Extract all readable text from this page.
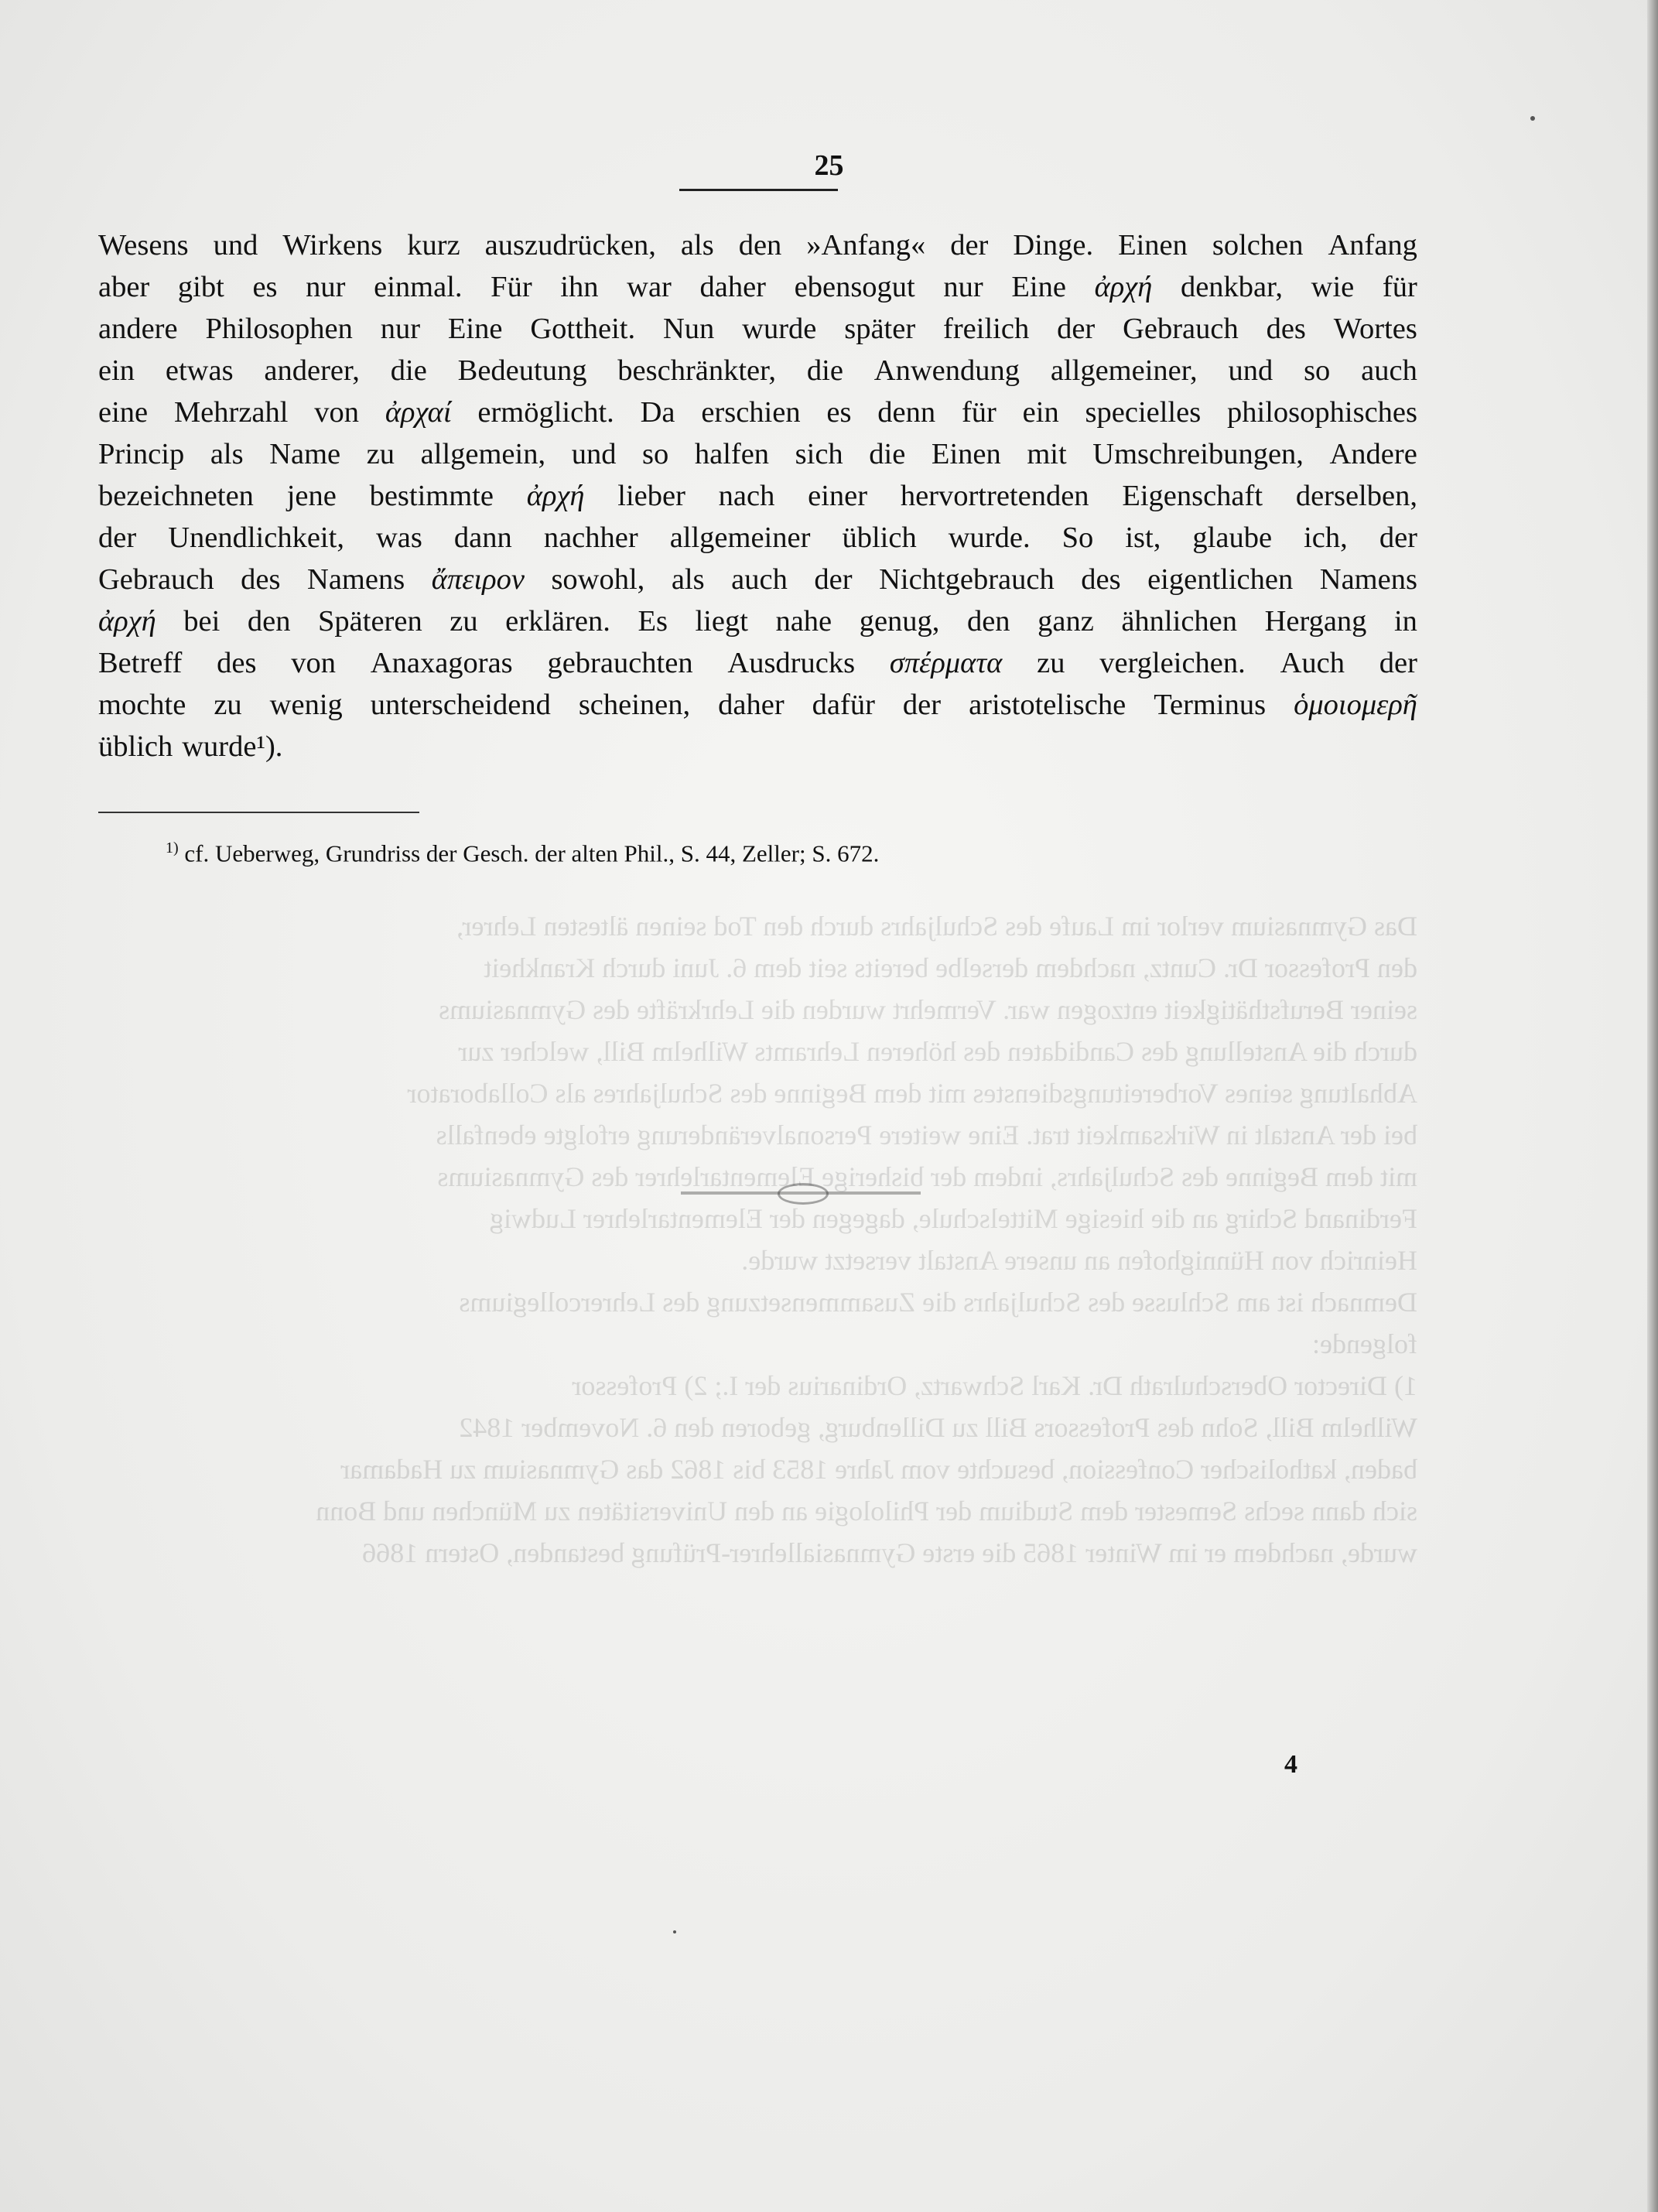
Das Gymnasium verlor im Laufe des Schuljahrs durch den Tod seinen ältesten Lehrer,
den Professor Dr. Cuntz, nachdem derselbe bereits seit dem 6. Juni durch Krankheit
seiner Berufsthätigkeit entzogen war. Vermehrt wurden die Lehrkräfte des Gymnasiums
durch die Anstellung des Candidaten des höheren Lehramts Wilhelm Bill, welcher zur
Abhaltung seines Vorbereitungsdienstes mit dem Beginne des Schuljahres als Collaborator
bei der Anstalt in Wirksamkeit trat. Eine weitere Personalveränderung erfolgte ebenfalls
mit dem Beginne des Schuljahrs, indem der bisherige Elementarlehrer des Gymnasiums
Ferdinand Schirg an die hiesige Mittelschule, dagegen der Elementarlehrer Ludwig
Heinrich von Hünnighofen an unsere Anstalt versetzt wurde.
Demnach ist am Schlusse des Schuljahrs die Zusammensetzung des Lehrercollegiums
folgende:
1) Director Oberschulrath Dr. Karl Schwartz, Ordinarius der I.; 2) Professor
Wilhelm Bill, Sohn des Professors Bill zu Dillenburg, geboren den 6. November 1842
baden, katholischer Confession, besuchte vom Jahre 1853 bis 1862 das Gymnasium zu Hadamar
sich dann sechs Semester dem Studium der Philologie an den Universitäten zu München und Bonn
wurde, nachdem er im Winter 1865 die erste Gymnasiallehrer-Prüfung bestanden, Ostern 1866
25
Wesens und Wirkens kurz auszudrücken, als den »Anfang« der Dinge. Einen solchen Anfang
aber gibt es nur einmal. Für ihn war daher ebensogut nur Eine ἀρχή denkbar, wie für
andere Philosophen nur Eine Gottheit. Nun wurde später freilich der Gebrauch des Wortes
ein etwas anderer, die Bedeutung beschränkter, die Anwendung allgemeiner, und so auch
eine Mehrzahl von ἀρχαί ermöglicht. Da erschien es denn für ein specielles philosophisches
Princip als Name zu allgemein, und so halfen sich die Einen mit Umschreibungen, Andere
bezeichneten jene bestimmte ἀρχή lieber nach einer hervortretenden Eigenschaft derselben,
der Unendlichkeit, was dann nachher allgemeiner üblich wurde. So ist, glaube ich, der
Gebrauch des Namens ἄπειρον sowohl, als auch der Nichtgebrauch des eigentlichen Namens
ἀρχή bei den Späteren zu erklären. Es liegt nahe genug, den ganz ähnlichen Hergang in
Betreff des von Anaxagoras gebrauchten Ausdrucks σπέρματα zu vergleichen. Auch der
mochte zu wenig unterscheidend scheinen, daher dafür der aristotelische Terminus ὁμοιομερῆ
üblich wurde¹).
$^{1)}$ cf. Ueberweg, Grundriss der Gesch. der alten Phil., S. 44, Zeller; S. 672.
4
